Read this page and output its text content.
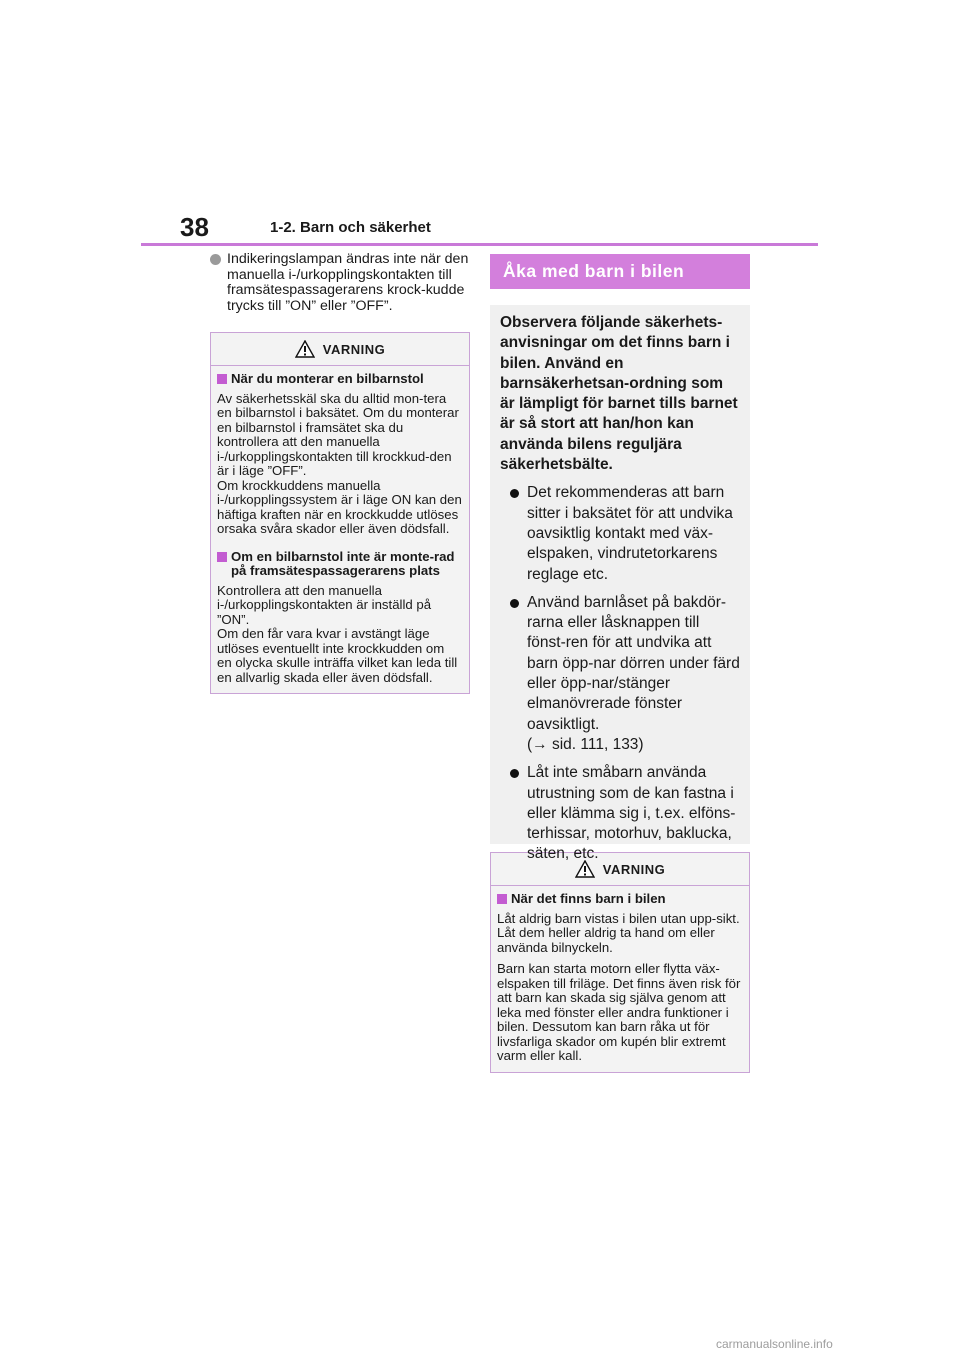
38	1-2. Barn och säkerhet
Indikeringslampan ändras inte när den manuella i-/urkopplingskontakten till framsätespassagerarens krock-kudde trycks till ”ON” eller ”OFF”.
VARNING
När du monterar en bilbarnstol
Av säkerhetsskäl ska du alltid mon-tera en bilbarnstol i baksätet. Om du monterar en bilbarnstol i framsätet ska du kontrollera att den manuella i-/urkopplingskontakten till krockkud-den är i läge ”OFF”.
Om krockkuddens manuella i-/urkopplingssystem är i läge ON kan den häftiga kraften när en krockkudde utlöses orsaka svåra skador eller även dödsfall.
Om en bilbarnstol inte är monte-rad på framsätespassagerarens plats
Kontrollera att den manuella i-/urkopplingskontakten är inställd på ”ON”.
Om den får vara kvar i avstängt läge utlöses eventuellt inte krockkudden om en olycka skulle inträffa vilket kan leda till en allvarlig skada eller även dödsfall.
Åka med barn i bilen
Observera följande säkerhets-anvisningar om det finns barn i bilen. Använd en barnsäkerhetsan-ordning som är lämpligt för barnet tills barnet är så stort att han/hon kan använda bilens reguljära säkerhetsbälte.
Det rekommenderas att barn sitter i baksätet för att undvika oavsiktlig kontakt med väx-elspaken, vindrutetorkarens reglage etc.
Använd barnlåset på bakdör-rarna eller låsknappen till fönst-ren för att undvika att barn öpp-nar dörren under färd eller öpp-nar/stänger elmanövrerade fönster oavsiktligt.
(→ sid. 111, 133)
Låt inte småbarn använda utrustning som de kan fastna i eller klämma sig i, t.ex. elföns-terhissar, motorhuv, baklucka, säten, etc.
VARNING
När det finns barn i bilen
Låt aldrig barn vistas i bilen utan upp-sikt. Låt dem heller aldrig ta hand om eller använda bilnyckeln.
Barn kan starta motorn eller flytta väx-elspaken till friläge. Det finns även risk för att barn kan skada sig själva genom att leka med fönster eller andra funktioner i bilen. Dessutom kan barn råka ut för livsfarliga skador om kupén blir extremt varm eller kall.
carmanualsonline.info
